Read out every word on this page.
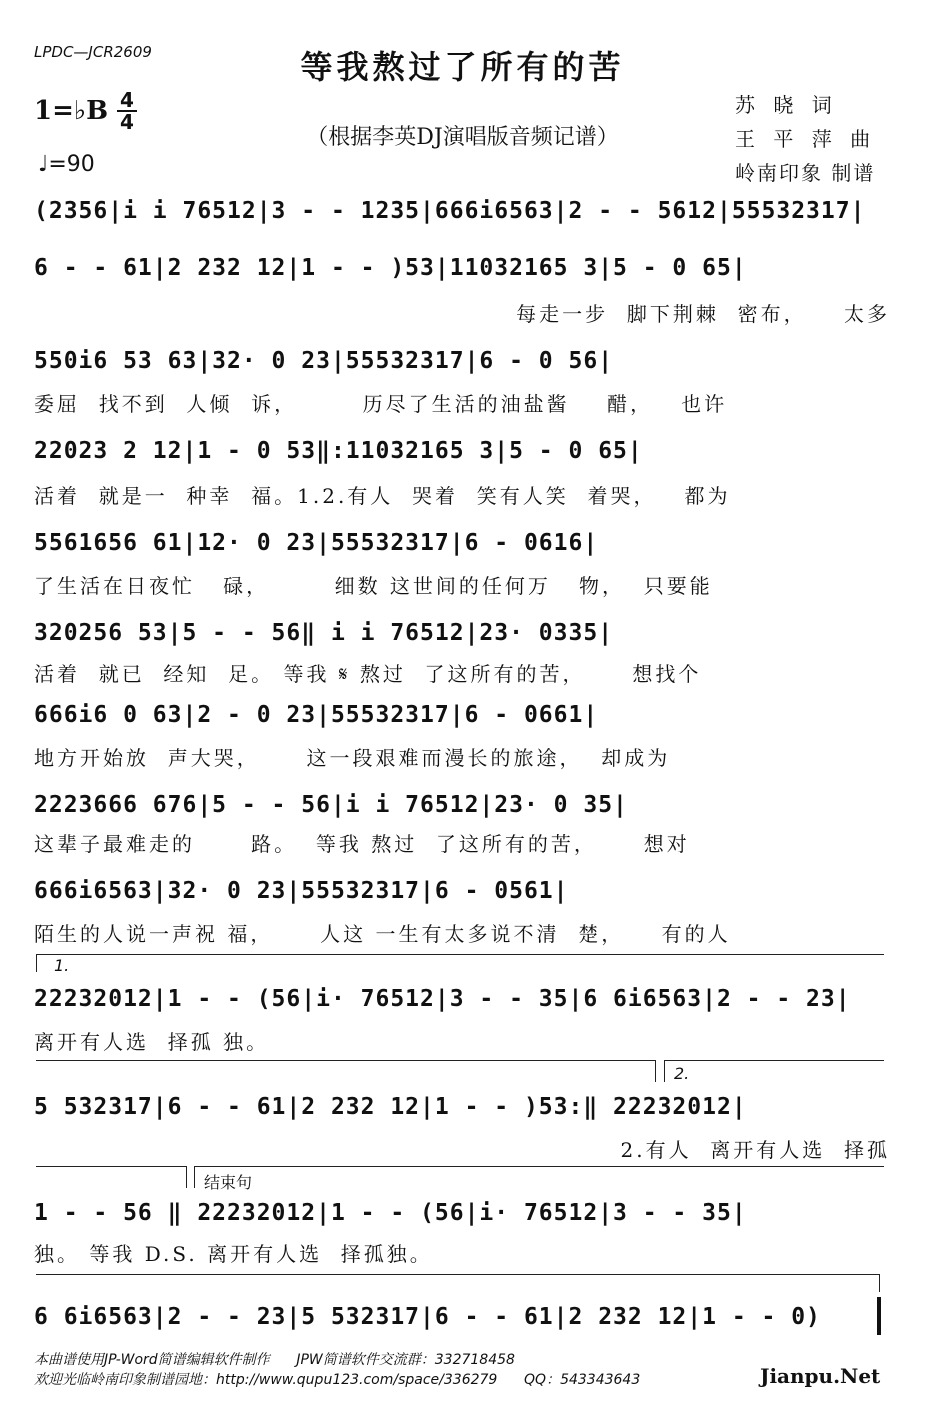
LPDC—JCR2609	等我熬过了所有的苦
（根据李英DJ演唱版音频记谱）
1=♭B 4
4
♩=90
苏 晓 词
王 平 萍 曲
岭南印象 制谱
(2356|i i 76512|3 - - 1235|666i6563|2 - - 5612|55532317|
6 - - 61|2 232 12|1 - - )53|11032165 3|5 - 0 65|
每走一步  脚下荆棘  密布，    太多
550i6 53 63|32· 0 23|55532317|6 - 0 56|
委屈  找不到  人倾  诉，       历尽了生活的油盐酱    醋，   也许
22023 2 12|1 - 0 53‖:11032165 3|5 - 0 65|
活着  就是一  种幸  福。1.2.有人  哭着  笑有人笑  着哭，   都为
5561656 61|12· 0 23|55532317|6 - 0616|
了生活在日夜忙   碌，       细数 这世间的任何万   物，  只要能
320256 53|5 - - 56‖ i i 76512|23· 0335|
活着  就已  经知  足。 等我 𝄋 熬过  了这所有的苦，     想找个
666i6 0 63|2 - 0 23|55532317|6 - 0661|
地方开始放  声大哭，     这一段艰难而漫长的旅途，  却成为
2223666 676|5 - - 56|i i 76512|23· 0 35|
这辈子最难走的      路。  等我 熬过  了这所有的苦，     想对
666i6563|32· 0 23|55532317|6 - 0561|
陌生的人说一声祝 福，     人这 一生有太多说不清  楚，    有的人
1.
22232012|1 - - (56|i· 76512|3 - - 35|6 6i6563|2 - - 23|
离开有人选  择孤 独。
2.
5 532317|6 - - 61|2 232 12|1 - - )53:‖ 22232012|
2.有人  离开有人选  择孤
结束句
1 - - 56 ‖ 22232012|1 - - (56|i· 76512|3 - - 35|
独。 等我 D.S. 离开有人选  择孤独。
6 6i6563|2 - - 23|5 532317|6 - - 61|2 232 12|1 - - 0)
本曲谱使用JP-Word简谱编辑软件制作      JPW简谱软件交流群：332718458
欢迎光临岭南印象制谱园地：http://www.qupu123.com/space/336279      QQ：543343643	Jianpu.Net
